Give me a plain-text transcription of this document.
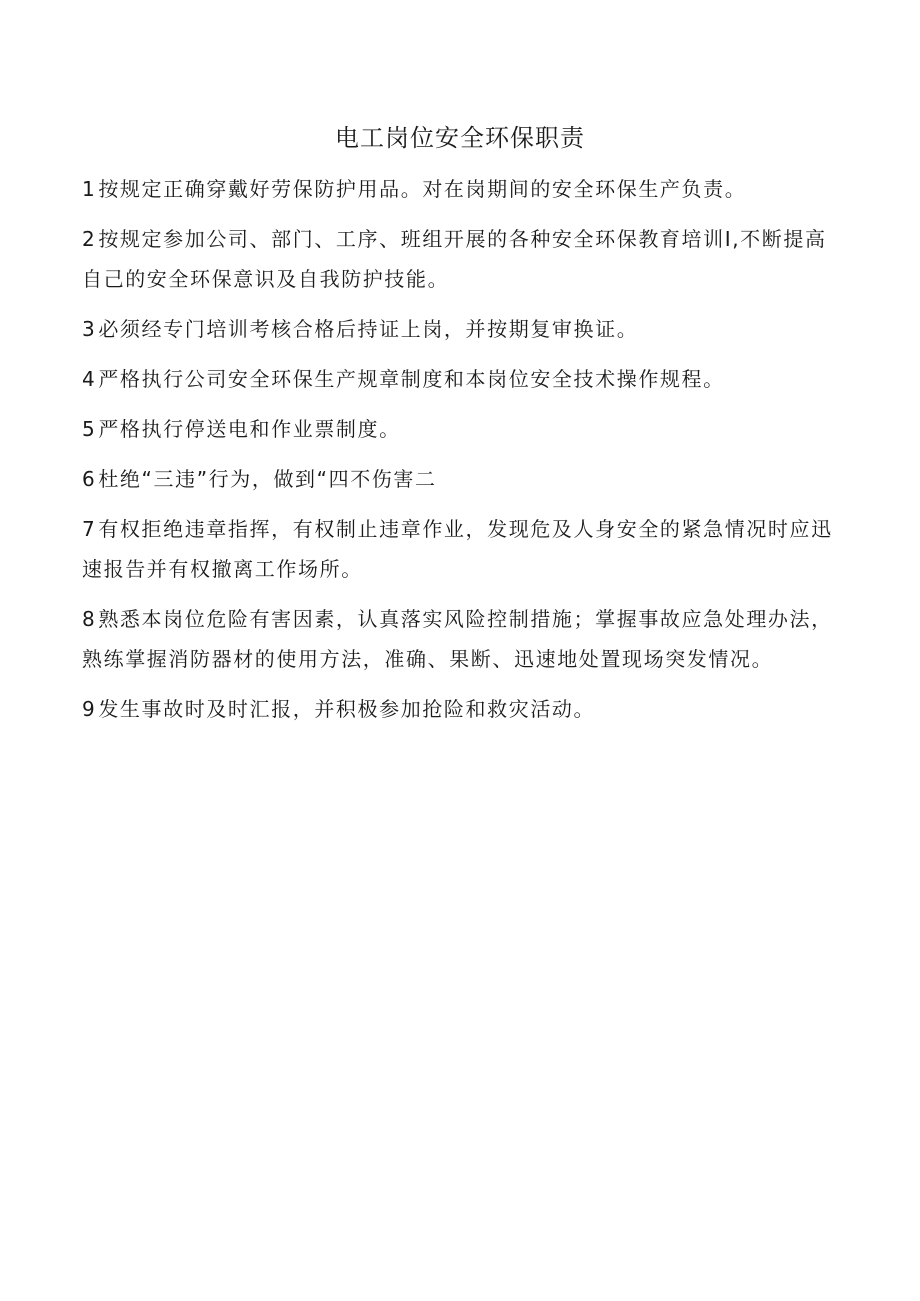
电工岗位安全环保职责

1 按规定正确穿戴好劳保防护用品。对在岗期间的安全环保生产负责。

2 按规定参加公司、部门、工序、班组开展的各种安全环保教育培训I,不断提高自己的安全环保意识及自我防护技能。

3 必须经专门培训考核合格后持证上岗，并按期复审换证。

4 严格执行公司安全环保生产规章制度和本岗位安全技术操作规程。

5 严格执行停送电和作业票制度。

6 杜绝“三违”行为，做到“四不伤害二

7 有权拒绝违章指挥，有权制止违章作业，发现危及人身安全的紧急情况时应迅速报告并有权撤离工作场所。

8 熟悉本岗位危险有害因素，认真落实风险控制措施；掌握事故应急处理办法，熟练掌握消防器材的使用方法，准确、果断、迅速地处置现场突发情况。

9 发生事故时及时汇报，并积极参加抢险和救灾活动。
